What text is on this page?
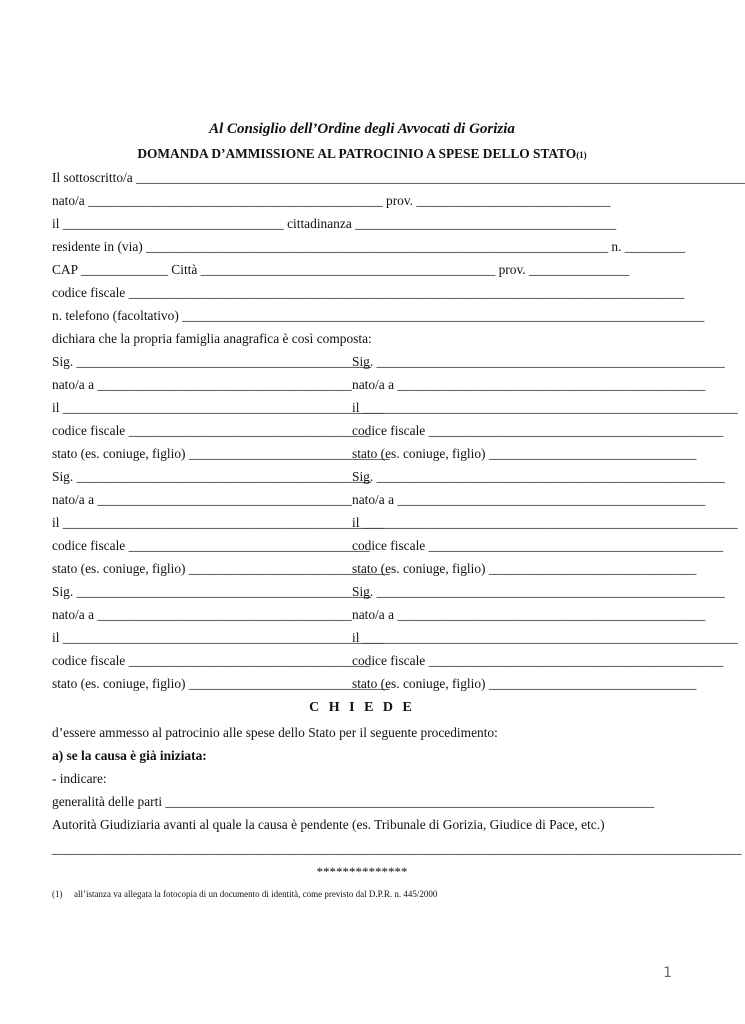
Al Consiglio dell’Ordine degli Avvocati di Gorizia
DOMANDA D’AMMISSIONE AL PATROCINIO A SPESE DELLO STATO(1)
Il sottoscritto/a ___________________________________________________________________________________________
nato/a ____________________________________________ prov. _____________________________
il _________________________________ cittadinanza _______________________________________
residente in (via) _____________________________________________________________________ n. _________
CAP _____________ Città ____________________________________________ prov. _______________
codice fiscale ___________________________________________________________________________________
n. telefono (facoltativo) ______________________________________________________________________________
dichiara che la propria famiglia anagrafica è così composta:
Sig. ____________________________________________
Sig. ____________________________________________________
nato/a a ______________________________________ nato/a a ______________________________________________
il ________________________________________________
il ________________________________________________________
codice fiscale ____________________________________
codice fiscale ____________________________________________
stato (es. coniuge, figlio) ______________________________
stato (es. coniuge, figlio) _______________________________
Sig. ____________________________________________
Sig. ____________________________________________________
nato/a a ______________________________________ nato/a a ______________________________________________
il ________________________________________________
il ________________________________________________________
codice fiscale ____________________________________
codice fiscale ____________________________________________
stato (es. coniuge, figlio) ______________________________
stato (es. coniuge, figlio) _______________________________
Sig. ____________________________________________
Sig. ____________________________________________________
nato/a a ______________________________________ nato/a a ______________________________________________
il ________________________________________________
il ________________________________________________________
codice fiscale ____________________________________
codice fiscale ____________________________________________
stato (es. coniuge, figlio) ______________________________
stato (es. coniuge, figlio) _______________________________
C H I E D E
d’essere ammesso al patrocinio alle spese dello Stato per il seguente procedimento:
a) se la causa è già iniziata:
- indicare:
generalità delle parti _________________________________________________________________________
Autorità Giudiziaria avanti al quale la causa è pendente (es. Tribunale di Gorizia, Giudice di Pace, etc.)
_______________________________________________________________________________________________________
**************
(1) all’istanza va allegata la fotocopia di un documento di identità, come previsto dal D.P.R. n. 445/2000
1
